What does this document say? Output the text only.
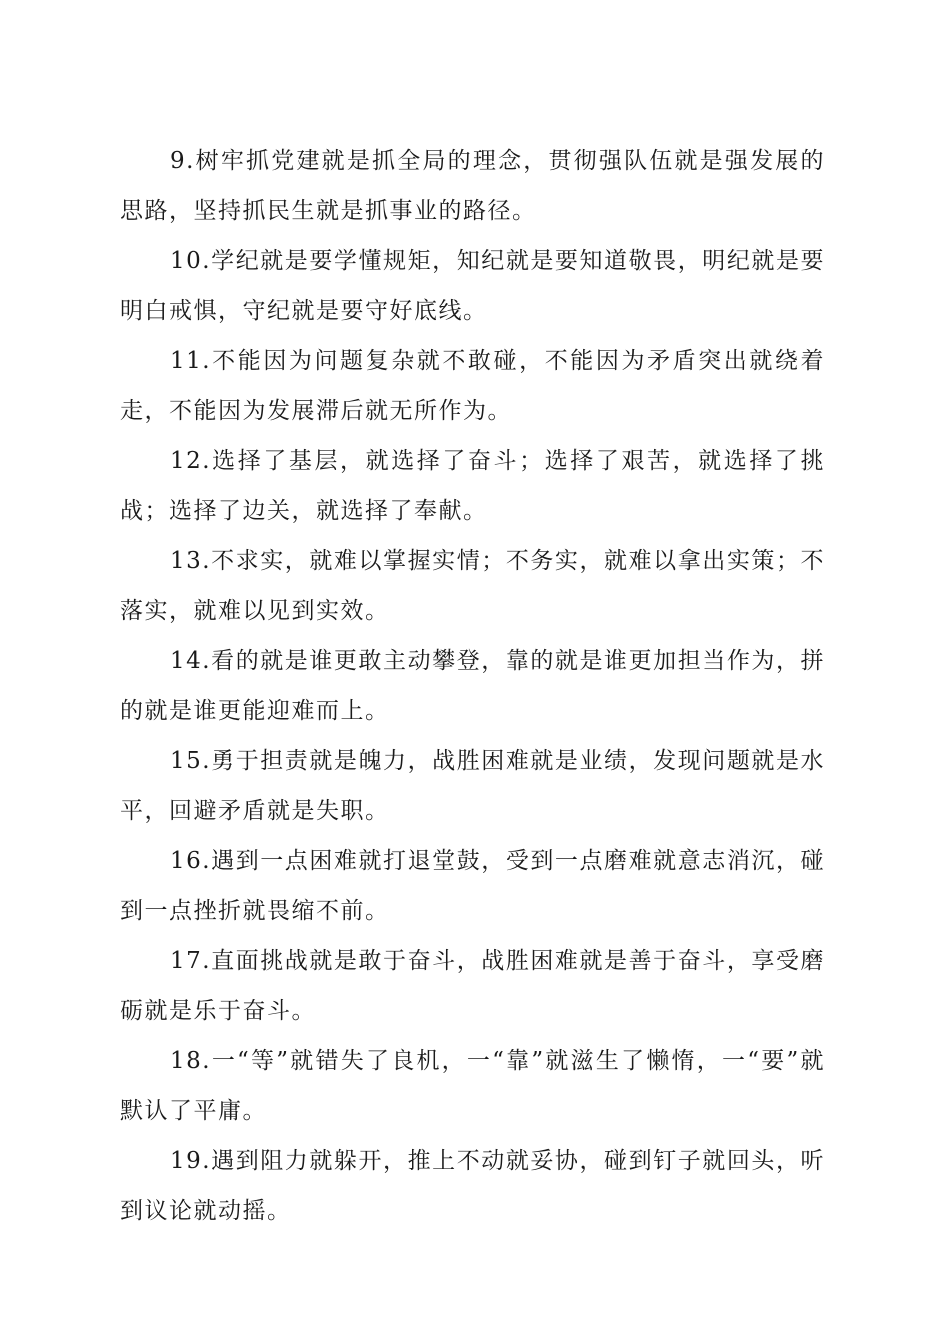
9.树牢抓党建就是抓全局的理念，贯彻强队伍就是强发展的思路，坚持抓民生就是抓事业的路径。

10.学纪就是要学懂规矩，知纪就是要知道敬畏，明纪就是要明白戒惧，守纪就是要守好底线。

11.不能因为问题复杂就不敢碰，不能因为矛盾突出就绕着走，不能因为发展滞后就无所作为。

12.选择了基层，就选择了奋斗；选择了艰苦，就选择了挑战；选择了边关，就选择了奉献。

13.不求实，就难以掌握实情；不务实，就难以拿出实策；不落实，就难以见到实效。

14.看的就是谁更敢主动攀登，靠的就是谁更加担当作为，拼的就是谁更能迎难而上。

15.勇于担责就是魄力，战胜困难就是业绩，发现问题就是水平，回避矛盾就是失职。

16.遇到一点困难就打退堂鼓，受到一点磨难就意志消沉，碰到一点挫折就畏缩不前。

17.直面挑战就是敢于奋斗，战胜困难就是善于奋斗，享受磨砺就是乐于奋斗。

18.一“等”就错失了良机，一“靠”就滋生了懒惰，一“要”就默认了平庸。

19.遇到阻力就躲开，推上不动就妥协，碰到钉子就回头，听到议论就动摇。
